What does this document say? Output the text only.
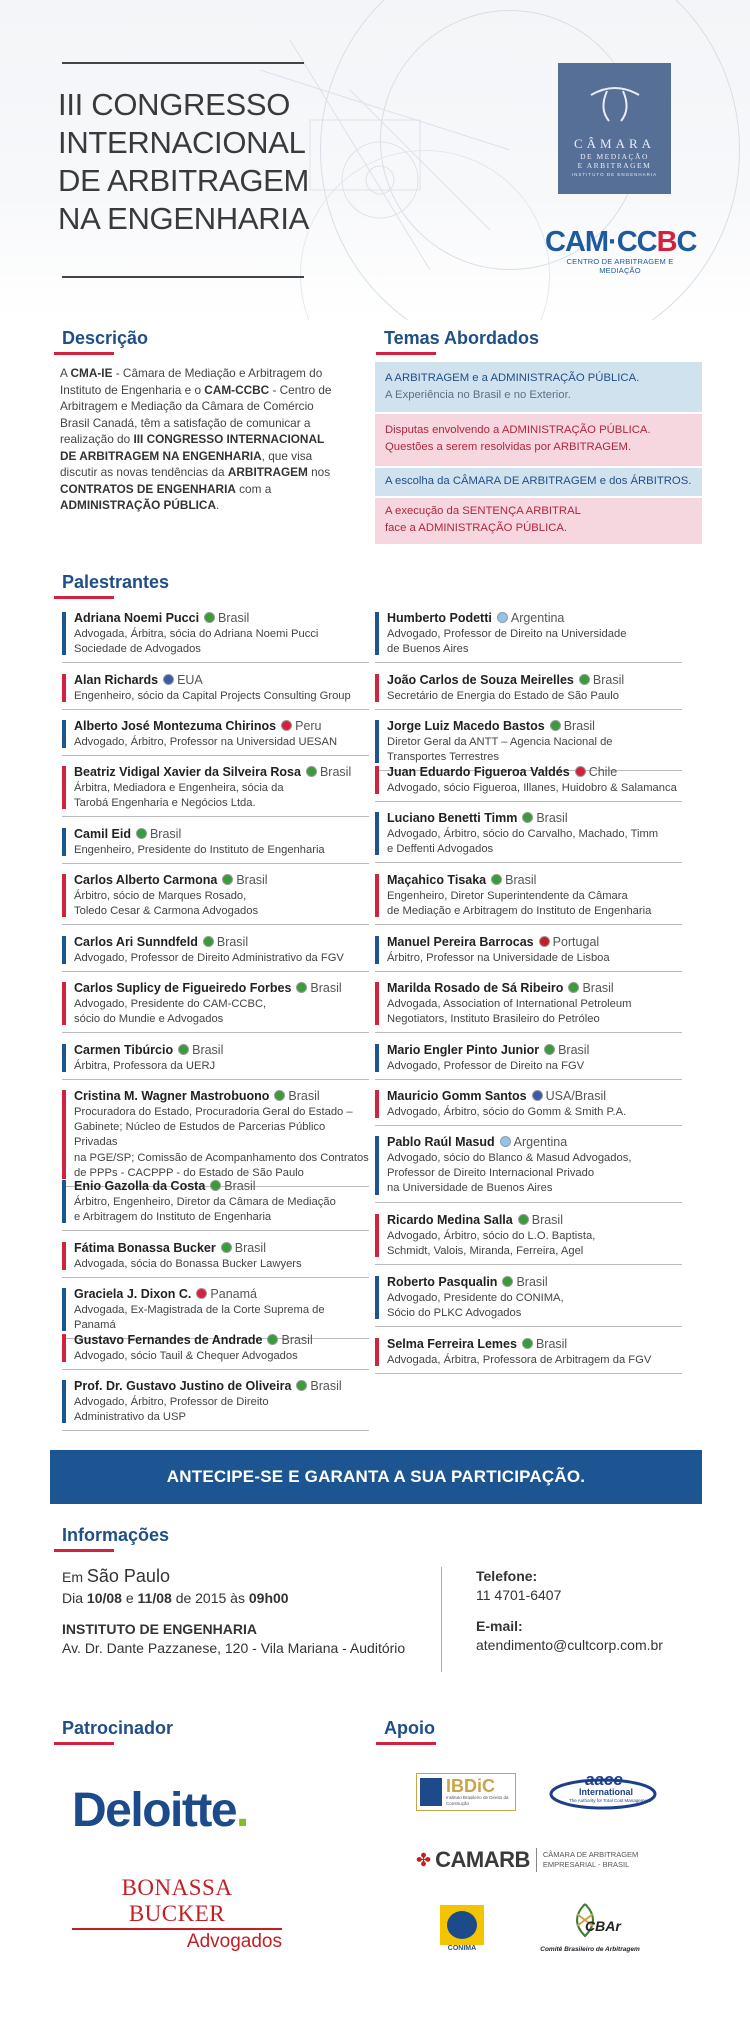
III CONGRESSO
INTERNACIONAL
DE ARBITRAGEM
NA ENGENHARIA
CÂMARA
DE MEDIAÇÃO
E ARBITRAGEM
INSTITUTO DE ENGENHARIA
CAM·CCBC
CENTRO DE ARBITRAGEM E MEDIAÇÃO
Descrição
A CMA-IE - Câmara de Mediação e Arbitragem do Instituto de Engenharia e o CAM-CCBC - Centro de Arbitragem e Mediação da Câmara de Comércio Brasil Canadá, têm a satisfação de comunicar a realização do III CONGRESSO INTERNACIONAL DE ARBITRAGEM NA ENGENHARIA, que visa discutir as novas tendências da ARBITRAGEM nos CONTRATOS DE ENGENHARIA com a ADMINISTRAÇÃO PÚBLICA.
Temas Abordados
A ARBITRAGEM e a ADMINISTRAÇÃO PÚBLICA.
A Experiência no Brasil e no Exterior.
Disputas envolvendo a ADMINISTRAÇÃO PÚBLICA.
Questões a serem resolvidas por ARBITRAGEM.
A escolha da CÂMARA DE ARBITRAGEM e dos ÁRBITROS.
A execução da SENTENÇA ARBITRAL
face a ADMINISTRAÇÃO PÚBLICA.
Palestrantes
Adriana Noemi Pucci Brasil
Advogada, Árbitra, sócia do Adriana Noemi Pucci
Sociedade de Advogados
Alan Richards EUA
Engenheiro, sócio da Capital Projects Consulting Group
Alberto José Montezuma Chirinos Peru
Advogado, Árbitro, Professor na Universidad UESAN
Beatriz Vidigal Xavier da Silveira Rosa Brasil
Árbitra, Mediadora e Engenheira, sócia da
Tarobá Engenharia e Negócios Ltda.
Camil Eid Brasil
Engenheiro, Presidente do Instituto de Engenharia
Carlos Alberto Carmona Brasil
Árbitro, sócio de Marques Rosado,
Toledo Cesar & Carmona Advogados
Carlos Ari Sunndfeld Brasil
Advogado, Professor de Direito Administrativo da FGV
Carlos Suplicy de Figueiredo Forbes Brasil
Advogado, Presidente do CAM-CCBC,
sócio do Mundie e Advogados
Carmen Tibúrcio Brasil
Árbitra, Professora da UERJ
Cristina M. Wagner Mastrobuono Brasil
Procuradora do Estado, Procuradoria Geral do Estado –
Gabinete; Núcleo de Estudos de Parcerias Público Privadas
na PGE/SP; Comissão de Acompanhamento dos Contratos
de PPPs - CACPPP - do Estado de São Paulo
Enio Gazolla da Costa Brasil
Árbitro, Engenheiro, Diretor da Câmara de Mediação
e Arbitragem do Instituto de Engenharia
Fátima Bonassa Bucker Brasil
Advogada, sócia do Bonassa Bucker Lawyers
Graciela J. Dixon C. Panamá
Advogada, Ex-Magistrada de la Corte Suprema de Panamá
Gustavo Fernandes de Andrade Brasil
Advogado, sócio Tauil & Chequer Advogados
Prof. Dr. Gustavo Justino de Oliveira Brasil
Advogado, Árbitro, Professor de Direito
Administrativo da USP
Humberto Podetti Argentina
Advogado, Professor de Direito na Universidade
de Buenos Aires
João Carlos de Souza Meirelles Brasil
Secretário de Energia do Estado de São Paulo
Jorge Luiz Macedo Bastos Brasil
Diretor Geral da ANTT – Agencia Nacional de
Transportes Terrestres
Juan Eduardo Figueroa Valdés Chile
Advogado, sócio Figueroa, Illanes, Huidobro & Salamanca
Luciano Benetti Timm Brasil
Advogado, Árbitro, sócio do Carvalho, Machado, Timm
e Deffenti Advogados
Maçahico Tisaka Brasil
Engenheiro, Diretor Superintendente da Câmara
de Mediação e Arbitragem do Instituto de Engenharia
Manuel Pereira Barrocas Portugal
Árbitro, Professor na Universidade de Lisboa
Marilda Rosado de Sá Ribeiro Brasil
Advogada, Association of International Petroleum
Negotiators, Instituto Brasileiro do Petróleo
Mario Engler Pinto Junior Brasil
Advogado, Professor de Direito na FGV
Mauricio Gomm Santos USA/Brasil
Advogado, Árbitro, sócio do Gomm & Smith P.A.
Pablo Raúl Masud Argentina
Advogado, sócio do Blanco & Masud Advogados,
Professor de Direito Internacional Privado
na Universidade de Buenos Aires
Ricardo Medina Salla Brasil
Advogado, Árbitro, sócio do L.O. Baptista,
Schmidt, Valois, Miranda, Ferreira, Agel
Roberto Pasqualin Brasil
Advogado, Presidente do CONIMA,
Sócio do PLKC Advogados
Selma Ferreira Lemes Brasil
Advogada, Árbitra, Professora de Arbitragem da FGV
ANTECIPE-SE E GARANTA A SUA PARTICIPAÇÃO.
Informações
Em São Paulo
Dia 10/08 e 11/08 de 2015 às 09h00
INSTITUTO DE ENGENHARIA
Av. Dr. Dante Pazzanese, 120 - Vila Mariana - Auditório
Telefone:
11 4701-6407
E-mail:
atendimento@cultcorp.com.br
Patrocinador
Deloitte.
BONASSA BUCKER
Advogados
Apoio
IBDiC
Instituto Brasileiro de Direito da Construção
aace
International
The Authority for Total Cost Management
✤ CAMARB CÂMARA DE ARBITRAGEM
EMPRESARIAL - BRASIL
CONIMA
CBAr
Comitê Brasileiro de Arbitragem
